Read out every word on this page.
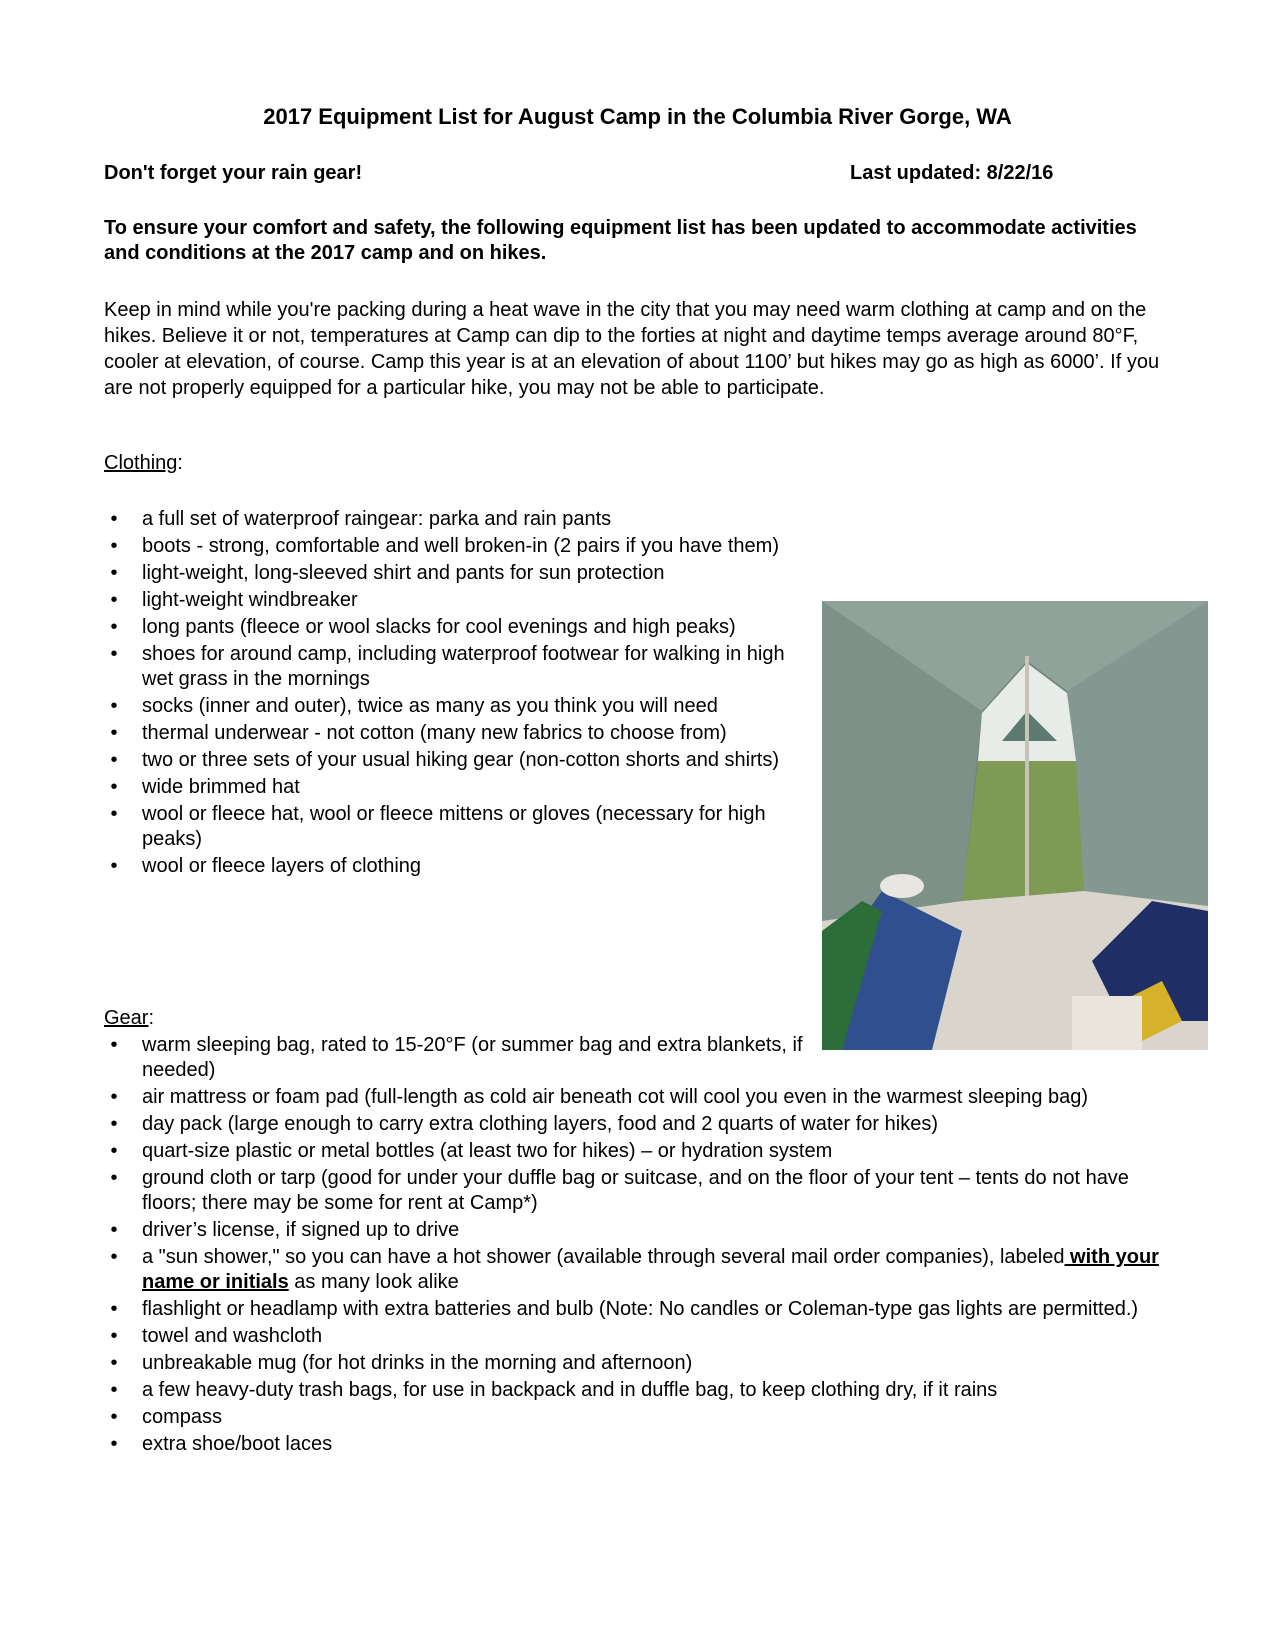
2017 Equipment List for August Camp in the Columbia River Gorge, WA
Don't forget your rain gear!	Last updated: 8/22/16
To ensure your comfort and safety, the following equipment list has been updated to accommodate activities and conditions at the 2017 camp and on hikes.
Keep in mind while you're packing during a heat wave in the city that you may need warm clothing at camp and on the hikes. Believe it or not, temperatures at Camp can dip to the forties at night and daytime temps average around 80°F, cooler at elevation, of course. Camp this year is at an elevation of about 1100’ but hikes may go as high as 6000’. If you are not properly equipped for a particular hike, you may not be able to participate.
Clothing:
•	a full set of waterproof raingear: parka and rain pants
•	boots - strong, comfortable and well broken-in (2 pairs if you have them)
•	light-weight, long-sleeved shirt and pants for sun protection
•	light-weight windbreaker
•	long pants (fleece or wool slacks for cool evenings and high peaks)
•	shoes for around camp, including waterproof footwear for walking in high wet grass in the mornings
•	socks (inner and outer), twice as many as you think you will need
•	thermal underwear - not cotton (many new fabrics to choose from)
•	two or three sets of your usual hiking gear (non-cotton shorts and shirts)
•	wide brimmed hat
•	wool or fleece hat, wool or fleece mittens or gloves (necessary for high peaks)
•	wool or fleece layers of clothing
Gear:
•	warm sleeping bag, rated to 15-20°F (or summer bag and extra blankets, if needed)
•	air mattress or foam pad (full-length as cold air beneath cot will cool you even in the warmest sleeping bag)
•	day pack (large enough to carry extra clothing layers, food and 2 quarts of water for hikes)
•	quart-size plastic or metal bottles (at least two for hikes) – or hydration system
•	ground cloth or tarp (good for under your duffle bag or suitcase, and on the floor of your tent – tents do not have floors; there may be some for rent at Camp*)
•	driver’s license, if signed up to drive
•	a "sun shower," so you can have a hot shower (available through several mail order companies), labeled with your name or initials as many look alike
•	flashlight or headlamp with extra batteries and bulb (Note: No candles or Coleman-type gas lights are permitted.)
•	towel and washcloth
•	unbreakable mug (for hot drinks in the morning and afternoon)
•	a few heavy-duty trash bags, for use in backpack and in duffle bag, to keep clothing dry, if it rains
•	compass
•	extra shoe/boot laces
